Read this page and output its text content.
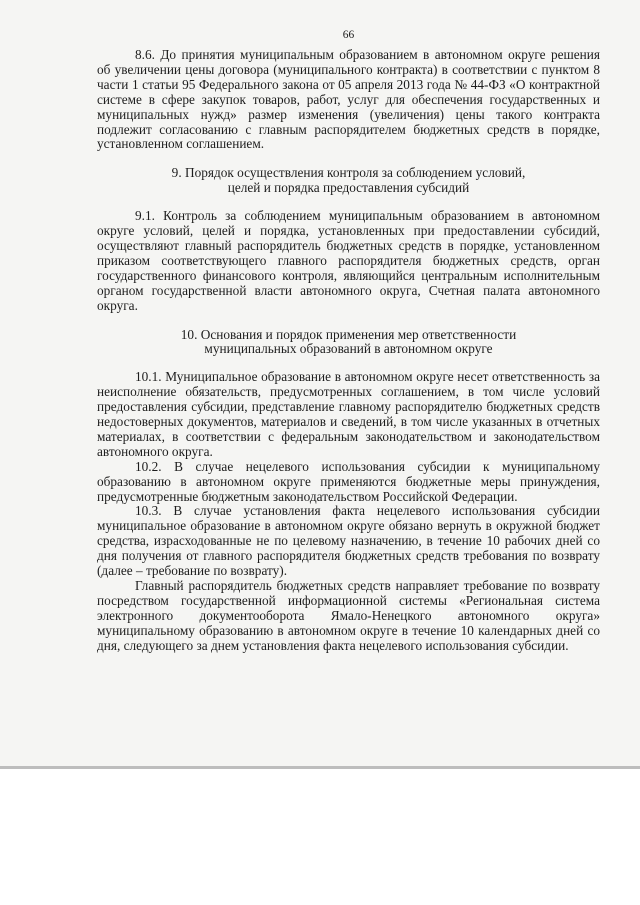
66

8.6. До принятия муниципальным образованием в автономном округе решения об увеличении цены договора (муниципального контракта) в соответствии с пунктом 8 части 1 статьи 95 Федерального закона от 05 апреля 2013 года № 44-ФЗ «О контрактной системе в сфере закупок товаров, работ, услуг для обеспечения государственных и муниципальных нужд» размер изменения (увеличения) цены такого контракта подлежит согласованию с главным распорядителем бюджетных средств в порядке, установленном соглашением.

9. Порядок осуществления контроля за соблюдением условий,

целей и порядка предоставления субсидий

9.1. Контроль за соблюдением муниципальным образованием в автономном округе условий, целей и порядка, установленных при предоставлении субсидий, осуществляют главный распорядитель бюджетных средств в порядке, установленном приказом соответствующего главного распорядителя бюджетных средств, орган государственного финансового контроля, являющийся центральным исполнительным органом государственной власти автономного округа, Счетная палата автономного округа.

10. Основания и порядок применения мер ответственности

муниципальных образований в автономном округе

10.1. Муниципальное образование в автономном округе несет ответственность за неисполнение обязательств, предусмотренных соглашением, в том числе условий предоставления субсидии, представление главному распорядителю бюджетных средств недостоверных документов, материалов и сведений, в том числе указанных в отчетных материалах, в соответствии с федеральным законодательством и законодательством автономного округа.

10.2. В случае нецелевого использования субсидии к муниципальному образованию в автономном округе применяются бюджетные меры принуждения, предусмотренные бюджетным законодательством Российской Федерации.

10.3. В случае установления факта нецелевого использования субсидии муниципальное образование в автономном округе обязано вернуть в окружной бюджет средства, израсходованные не по целевому назначению, в течение 10 рабочих дней со дня получения от главного распорядителя бюджетных средств требования по возврату (далее – требование по возврату).

Главный распорядитель бюджетных средств направляет требование по возврату посредством государственной информационной системы «Региональная система электронного документооборота Ямало-Ненецкого автономного округа» муниципальному образованию в автономном округе в течение 10 календарных дней со дня, следующего за днем установления факта нецелевого использования субсидии.
